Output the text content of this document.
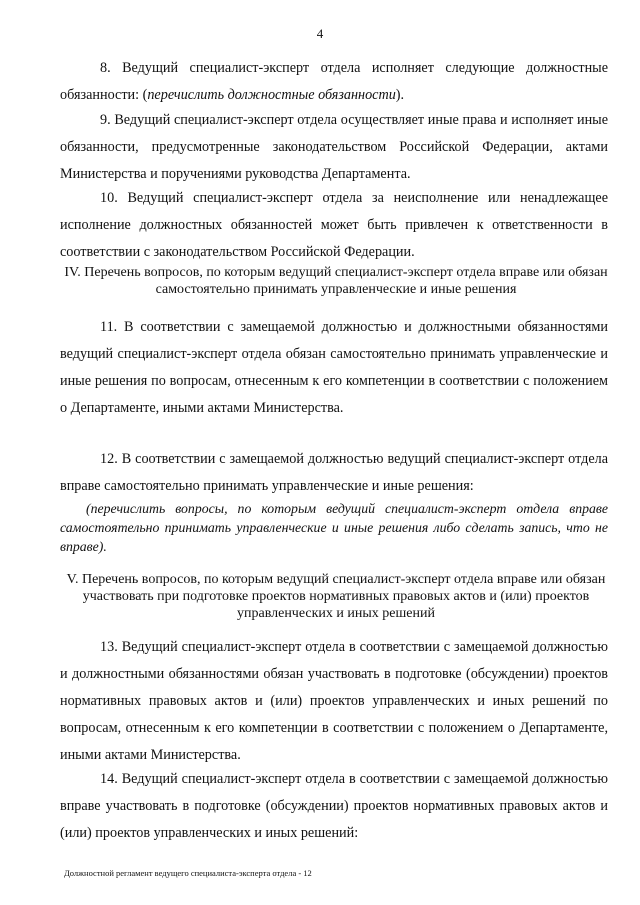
4

8. Ведущий специалист-эксперт отдела исполняет следующие должностные обязанности: (перечислить должностные обязанности).

9. Ведущий специалист-эксперт отдела осуществляет иные права и исполняет иные обязанности, предусмотренные законодательством Российской Федерации, актами Министерства и поручениями руководства Департамента.

10. Ведущий специалист-эксперт отдела за неисполнение или ненадлежащее исполнение должностных обязанностей может быть привлечен к ответственности в соответствии с законодательством Российской Федерации.

IV. Перечень вопросов, по которым ведущий специалист-эксперт отдела вправе или обязан самостоятельно принимать управленческие и иные решения

11. В соответствии с замещаемой должностью и должностными обязанностями ведущий специалист-эксперт отдела обязан самостоятельно принимать управленческие и иные решения по вопросам, отнесенным к его компетенции в соответствии с положением о Департаменте, иными актами Министерства.

12. В соответствии с замещаемой должностью ведущий специалист-эксперт отдела вправе самостоятельно принимать управленческие и иные решения:

(перечислить вопросы, по которым ведущий специалист-эксперт отдела вправе самостоятельно принимать управленческие и иные решения либо сделать запись, что не вправе).

V. Перечень вопросов, по которым ведущий специалист-эксперт отдела вправе или обязан участвовать при подготовке проектов нормативных правовых актов и (или) проектов управленческих и иных решений

13. Ведущий специалист-эксперт отдела в соответствии с замещаемой должностью и должностными обязанностями обязан участвовать в подготовке (обсуждении) проектов нормативных правовых актов и (или) проектов управленческих и иных решений по вопросам, отнесенным к его компетенции в соответствии с положением о Департаменте, иными актами Министерства.

14. Ведущий специалист-эксперт отдела в соответствии с замещаемой должностью вправе участвовать в подготовке (обсуждении) проектов нормативных правовых актов и (или) проектов управленческих и иных решений:

Должностной регламент ведущего специалиста-эксперта отдела - 12
